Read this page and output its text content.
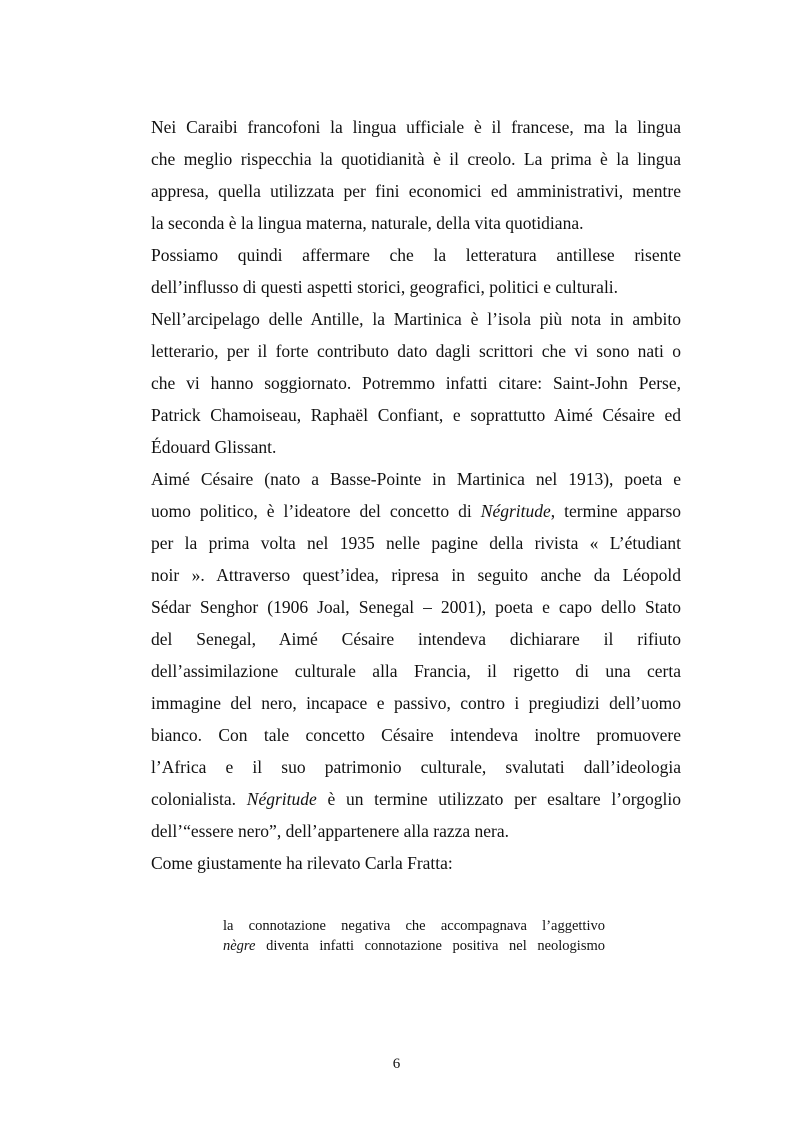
Nei Caraibi francofoni la lingua ufficiale è il francese, ma la lingua
che meglio rispecchia la quotidianità è il creolo. La prima è la lingua
appresa, quella utilizzata per fini economici ed amministrativi, mentre
la seconda è la lingua materna, naturale, della vita quotidiana.
Possiamo quindi affermare che la letteratura antillese risente
dell’influsso di questi aspetti storici, geografici, politici e culturali.
Nell’arcipelago delle Antille, la Martinica è l’isola più nota in ambito
letterario, per il forte contributo dato dagli scrittori che vi sono nati o
che vi hanno soggiornato. Potremmo infatti citare: Saint-John Perse,
Patrick Chamoiseau, Raphaël Confiant, e soprattutto Aimé Césaire ed
Édouard Glissant.
Aimé Césaire (nato a Basse-Pointe in Martinica nel 1913), poeta e
uomo politico, è l’ideatore del concetto di Négritude, termine apparso
per la prima volta nel 1935 nelle pagine della rivista « L’étudiant
noir ». Attraverso quest’idea, ripresa in seguito anche da Léopold
Sédar Senghor (1906 Joal, Senegal – 2001), poeta e capo dello Stato
del Senegal, Aimé Césaire intendeva dichiarare il rifiuto
dell’assimilazione culturale alla Francia, il rigetto di una certa
immagine del nero, incapace e passivo, contro i pregiudizi dell’uomo
bianco. Con tale concetto Césaire intendeva inoltre promuovere
l’Africa e il suo patrimonio culturale, svalutati dall’ideologia
colonialista. Négritude è un termine utilizzato per esaltare l’orgoglio
dell’“essere nero”, dell’appartenere alla razza nera.
Come giustamente ha rilevato Carla Fratta:
la connotazione negativa che accompagnava l’aggettivo
nègre diventa infatti connotazione positiva nel neologismo
6
